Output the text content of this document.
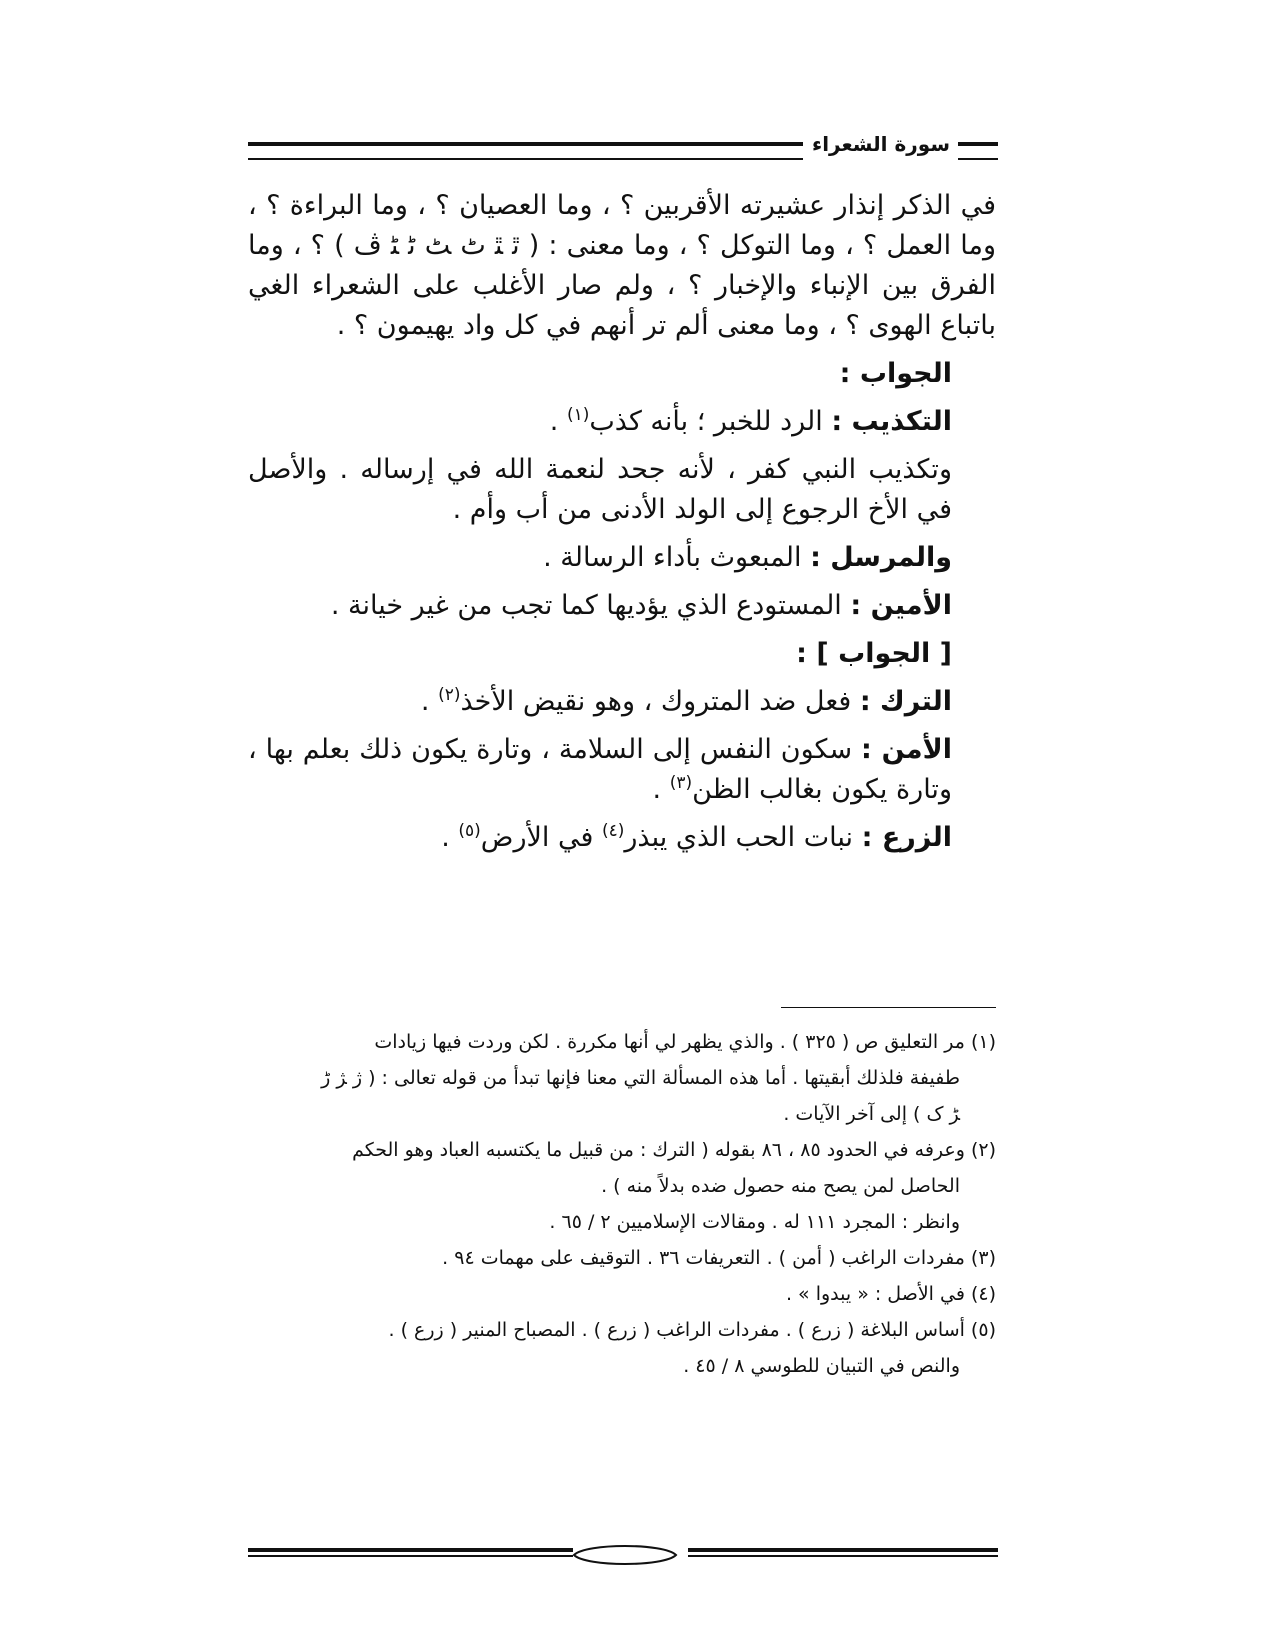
سورة الشعراء

في الذكر إنذار عشيرته الأقربين ؟ ، وما العصيان ؟ ، وما البراءة ؟ ، وما العمل ؟ ، وما التوكل ؟ ، وما معنى : ( ﭤ ﭥ ﭦ ﭧ ﭨ ﭩ ﭪ ) ؟ ، وما الفرق بين الإنباء والإخبار ؟ ، ولم صار الأغلب على الشعراء الغي باتباع الهوى ؟ ، وما معنى ألم تر أنهم في كل واد يهيمون ؟ .

الجواب :

التكذيب : الرد للخبر ؛ بأنه كذب$^{(١)}$ .

وتكذيب النبي كفر ، لأنه جحد لنعمة الله في إرساله . والأصل في الأخ الرجوع إلى الولد الأدنى من أب وأم .

والمرسل : المبعوث بأداء الرسالة .

الأمين : المستودع الذي يؤديها كما تجب من غير خيانة .

[ الجواب ] :

الترك : فعل ضد المتروك ، وهو نقيض الأخذ$^{(٢)}$ .

الأمن : سكون النفس إلى السلامة ، وتارة يكون ذلك بعلم بها ، وتارة يكون بغالب الظن$^{(٣)}$ .

الزرع : نبات الحب الذي يبذر$^{(٤)}$ في الأرض$^{(٥)}$ .

(١) مر التعليق ص ( ٣٢٥ ) . والذي يظهر لي أنها مكررة . لكن وردت فيها زيادات

طفيفة فلذلك أبقيتها . أما هذه المسألة التي معنا فإنها تبدأ من قوله تعالى : ( ﮊ ﮋ ﮌ

ﮍ ﮎ ) إلى آخر الآيات .

(٢) وعرفه في الحدود ٨٥ ، ٨٦ بقوله ( الترك : من قبيل ما يكتسبه العباد وهو الحكم

الحاصل لمن يصح منه حصول ضده بدلاً منه ) .

وانظر : المجرد ١١١ له . ومقالات الإسلاميين ٢ / ٦٥ .

(٣) مفردات الراغب ( أمن ) . التعريفات ٣٦ . التوقيف على مهمات ٩٤ .

(٤) في الأصل : « يبدوا » .

(٥) أساس البلاغة ( زرع ) . مفردات الراغب ( زرع ) . المصباح المنير ( زرع ) .

والنص في التبيان للطوسي ٨ / ٤٥ .
